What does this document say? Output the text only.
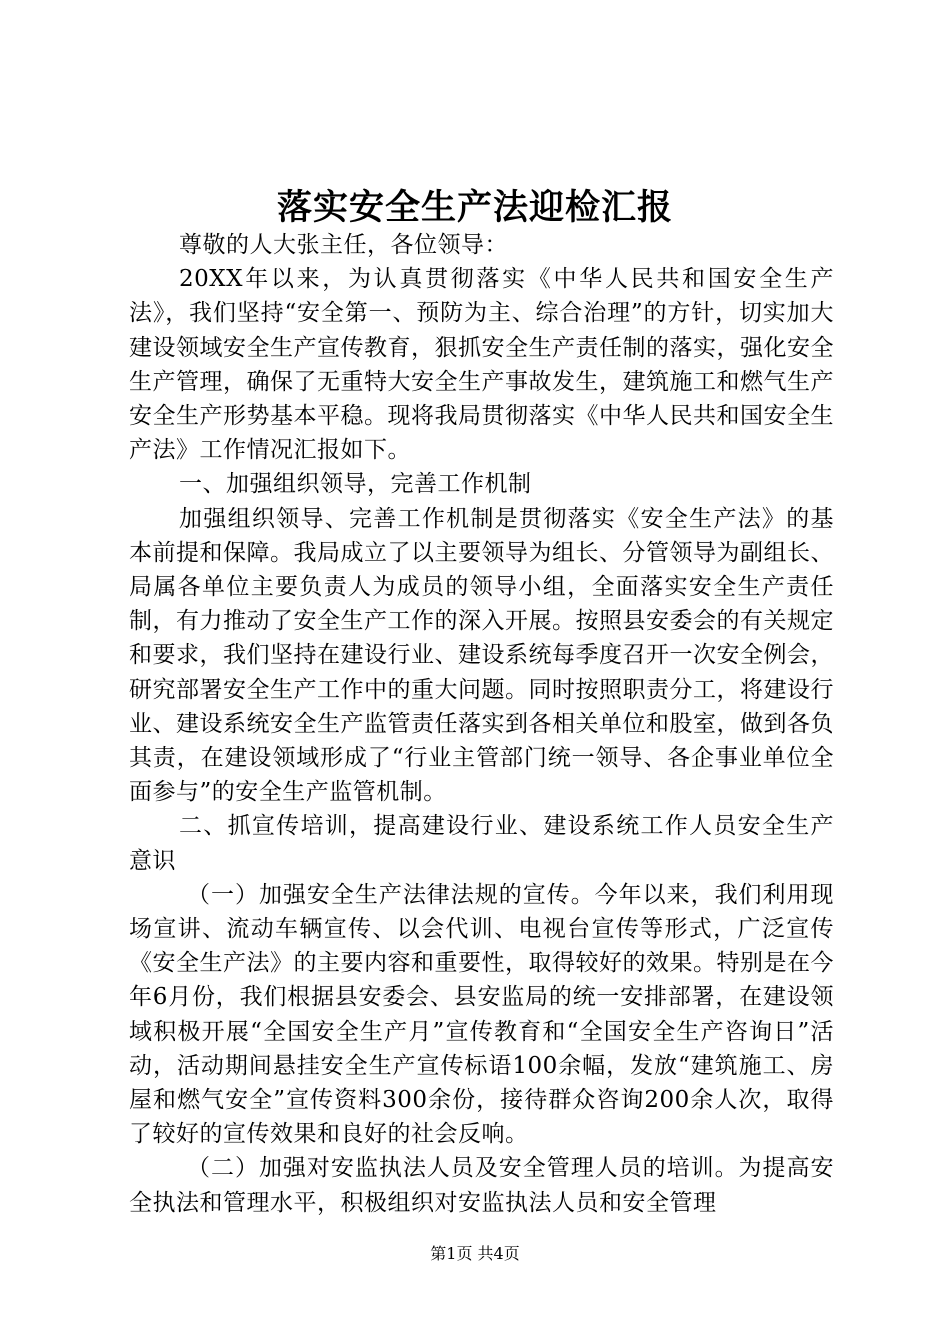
落实安全生产法迎检汇报

尊敬的人大张主任，各位领导：

20XX年以来，为认真贯彻落实《中华人民共和国安全生产法》，我们坚持“安全第一、预防为主、综合治理”的方针，切实加大建设领域安全生产宣传教育，狠抓安全生产责任制的落实，强化安全生产管理，确保了无重特大安全生产事故发生，建筑施工和燃气生产安全生产形势基本平稳。现将我局贯彻落实《中华人民共和国安全生产法》工作情况汇报如下。

一、加强组织领导，完善工作机制

加强组织领导、完善工作机制是贯彻落实《安全生产法》的基本前提和保障。我局成立了以主要领导为组长、分管领导为副组长、局属各单位主要负责人为成员的领导小组，全面落实安全生产责任制，有力推动了安全生产工作的深入开展。按照县安委会的有关规定和要求，我们坚持在建设行业、建设系统每季度召开一次安全例会，研究部署安全生产工作中的重大问题。同时按照职责分工，将建设行业、建设系统安全生产监管责任落实到各相关单位和股室，做到各负其责，在建设领域形成了“行业主管部门统一领导、各企事业单位全面参与”的安全生产监管机制。

二、抓宣传培训，提高建设行业、建设系统工作人员安全生产意识

（一）加强安全生产法律法规的宣传。今年以来，我们利用现场宣讲、流动车辆宣传、以会代训、电视台宣传等形式，广泛宣传《安全生产法》的主要内容和重要性，取得较好的效果。特别是在今年6月份，我们根据县安委会、县安监局的统一安排部署，在建设领域积极开展“全国安全生产月”宣传教育和“全国安全生产咨询日”活动，活动期间悬挂安全生产宣传标语100余幅，发放“建筑施工、房屋和燃气安全”宣传资料300余份，接待群众咨询200余人次，取得了较好的宣传效果和良好的社会反响。

（二）加强对安监执法人员及安全管理人员的培训。为提高安全执法和管理水平，积极组织对安监执法人员和安全管理

第1页 共4页
